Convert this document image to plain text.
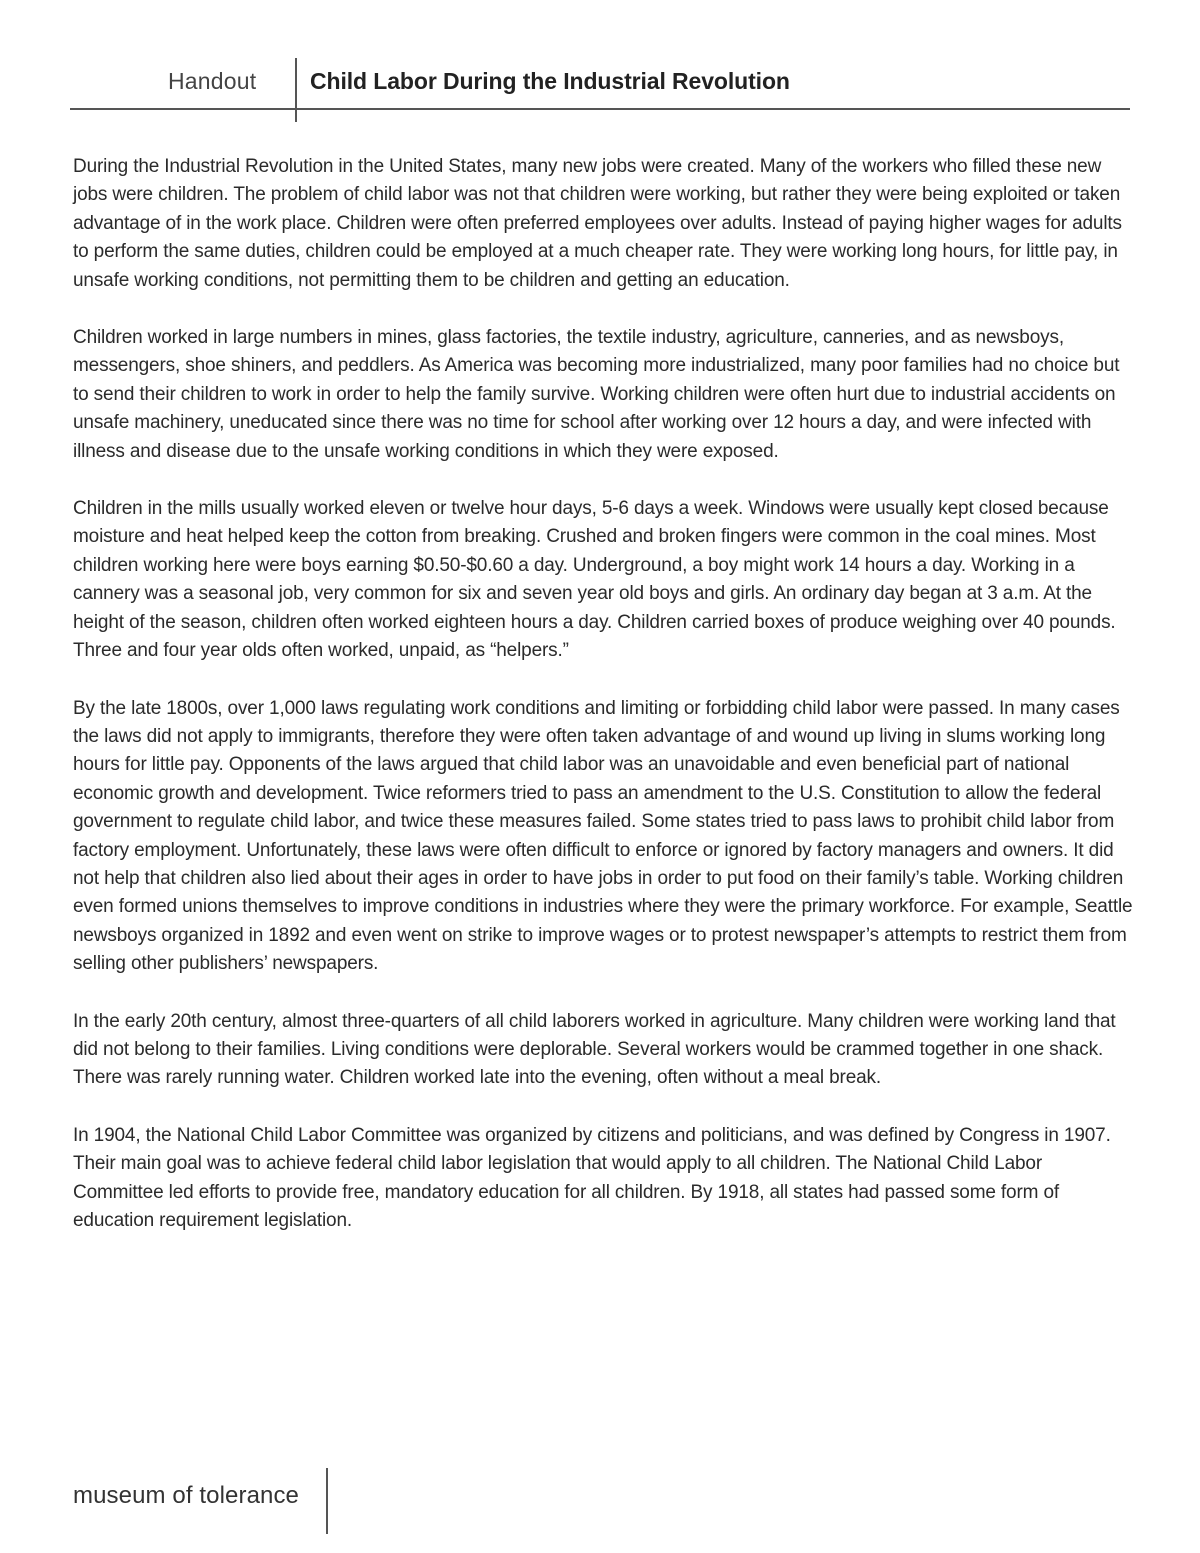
Handout Child Labor During the Industrial Revolution

During the Industrial Revolution in the United States, many new jobs were created. Many of the workers who filled these new jobs were children. The problem of child labor was not that children were working, but rather they were being exploited or taken advantage of in the work place. Children were often preferred employees over adults. Instead of paying higher wages for adults to perform the same duties, children could be employed at a much cheaper rate. They were working long hours, for little pay, in unsafe working conditions, not permitting them to be children and getting an education.

Children worked in large numbers in mines, glass factories, the textile industry, agriculture, canneries, and as newsboys, messengers, shoe shiners, and peddlers. As America was becoming more industrialized, many poor families had no choice but to send their children to work in order to help the family survive. Working children were often hurt due to industrial accidents on unsafe machinery, uneducated since there was no time for school after working over 12 hours a day, and were infected with illness and disease due to the unsafe working conditions in which they were exposed.

Children in the mills usually worked eleven or twelve hour days, 5-6 days a week. Windows were usually kept closed because moisture and heat helped keep the cotton from breaking. Crushed and broken fingers were common in the coal mines. Most children working here were boys earning $0.50-$0.60 a day. Underground, a boy might work 14 hours a day. Working in a cannery was a seasonal job, very common for six and seven year old boys and girls. An ordinary day began at 3 a.m. At the height of the season, children often worked eighteen hours a day. Children carried boxes of produce weighing over 40 pounds. Three and four year olds often worked, unpaid, as “helpers.”

By the late 1800s, over 1,000 laws regulating work conditions and limiting or forbidding child labor were passed. In many cases the laws did not apply to immigrants, therefore they were often taken advantage of and wound up living in slums working long hours for little pay. Opponents of the laws argued that child labor was an unavoidable and even beneficial part of national economic growth and development. Twice reformers tried to pass an amendment to the U.S. Constitution to allow the federal government to regulate child labor, and twice these measures failed. Some states tried to pass laws to prohibit child labor from factory employment. Unfortunately, these laws were often difficult to enforce or ignored by factory managers and owners. It did not help that children also lied about their ages in order to have jobs in order to put food on their family’s table. Working children even formed unions themselves to improve conditions in industries where they were the primary workforce. For example, Seattle newsboys organized in 1892 and even went on strike to improve wages or to protest newspaper’s attempts to restrict them from selling other publishers’ newspapers.

In the early 20th century, almost three-quarters of all child laborers worked in agriculture. Many children were working land that did not belong to their families. Living conditions were deplorable. Several workers would be crammed together in one shack. There was rarely running water. Children worked late into the evening, often without a meal break.

In 1904, the National Child Labor Committee was organized by citizens and politicians, and was defined by Congress in 1907. Their main goal was to achieve federal child labor legislation that would apply to all children. The National Child Labor Committee led efforts to provide free, mandatory education for all children. By 1918, all states had passed some form of education requirement legislation.

museum of tolerance
